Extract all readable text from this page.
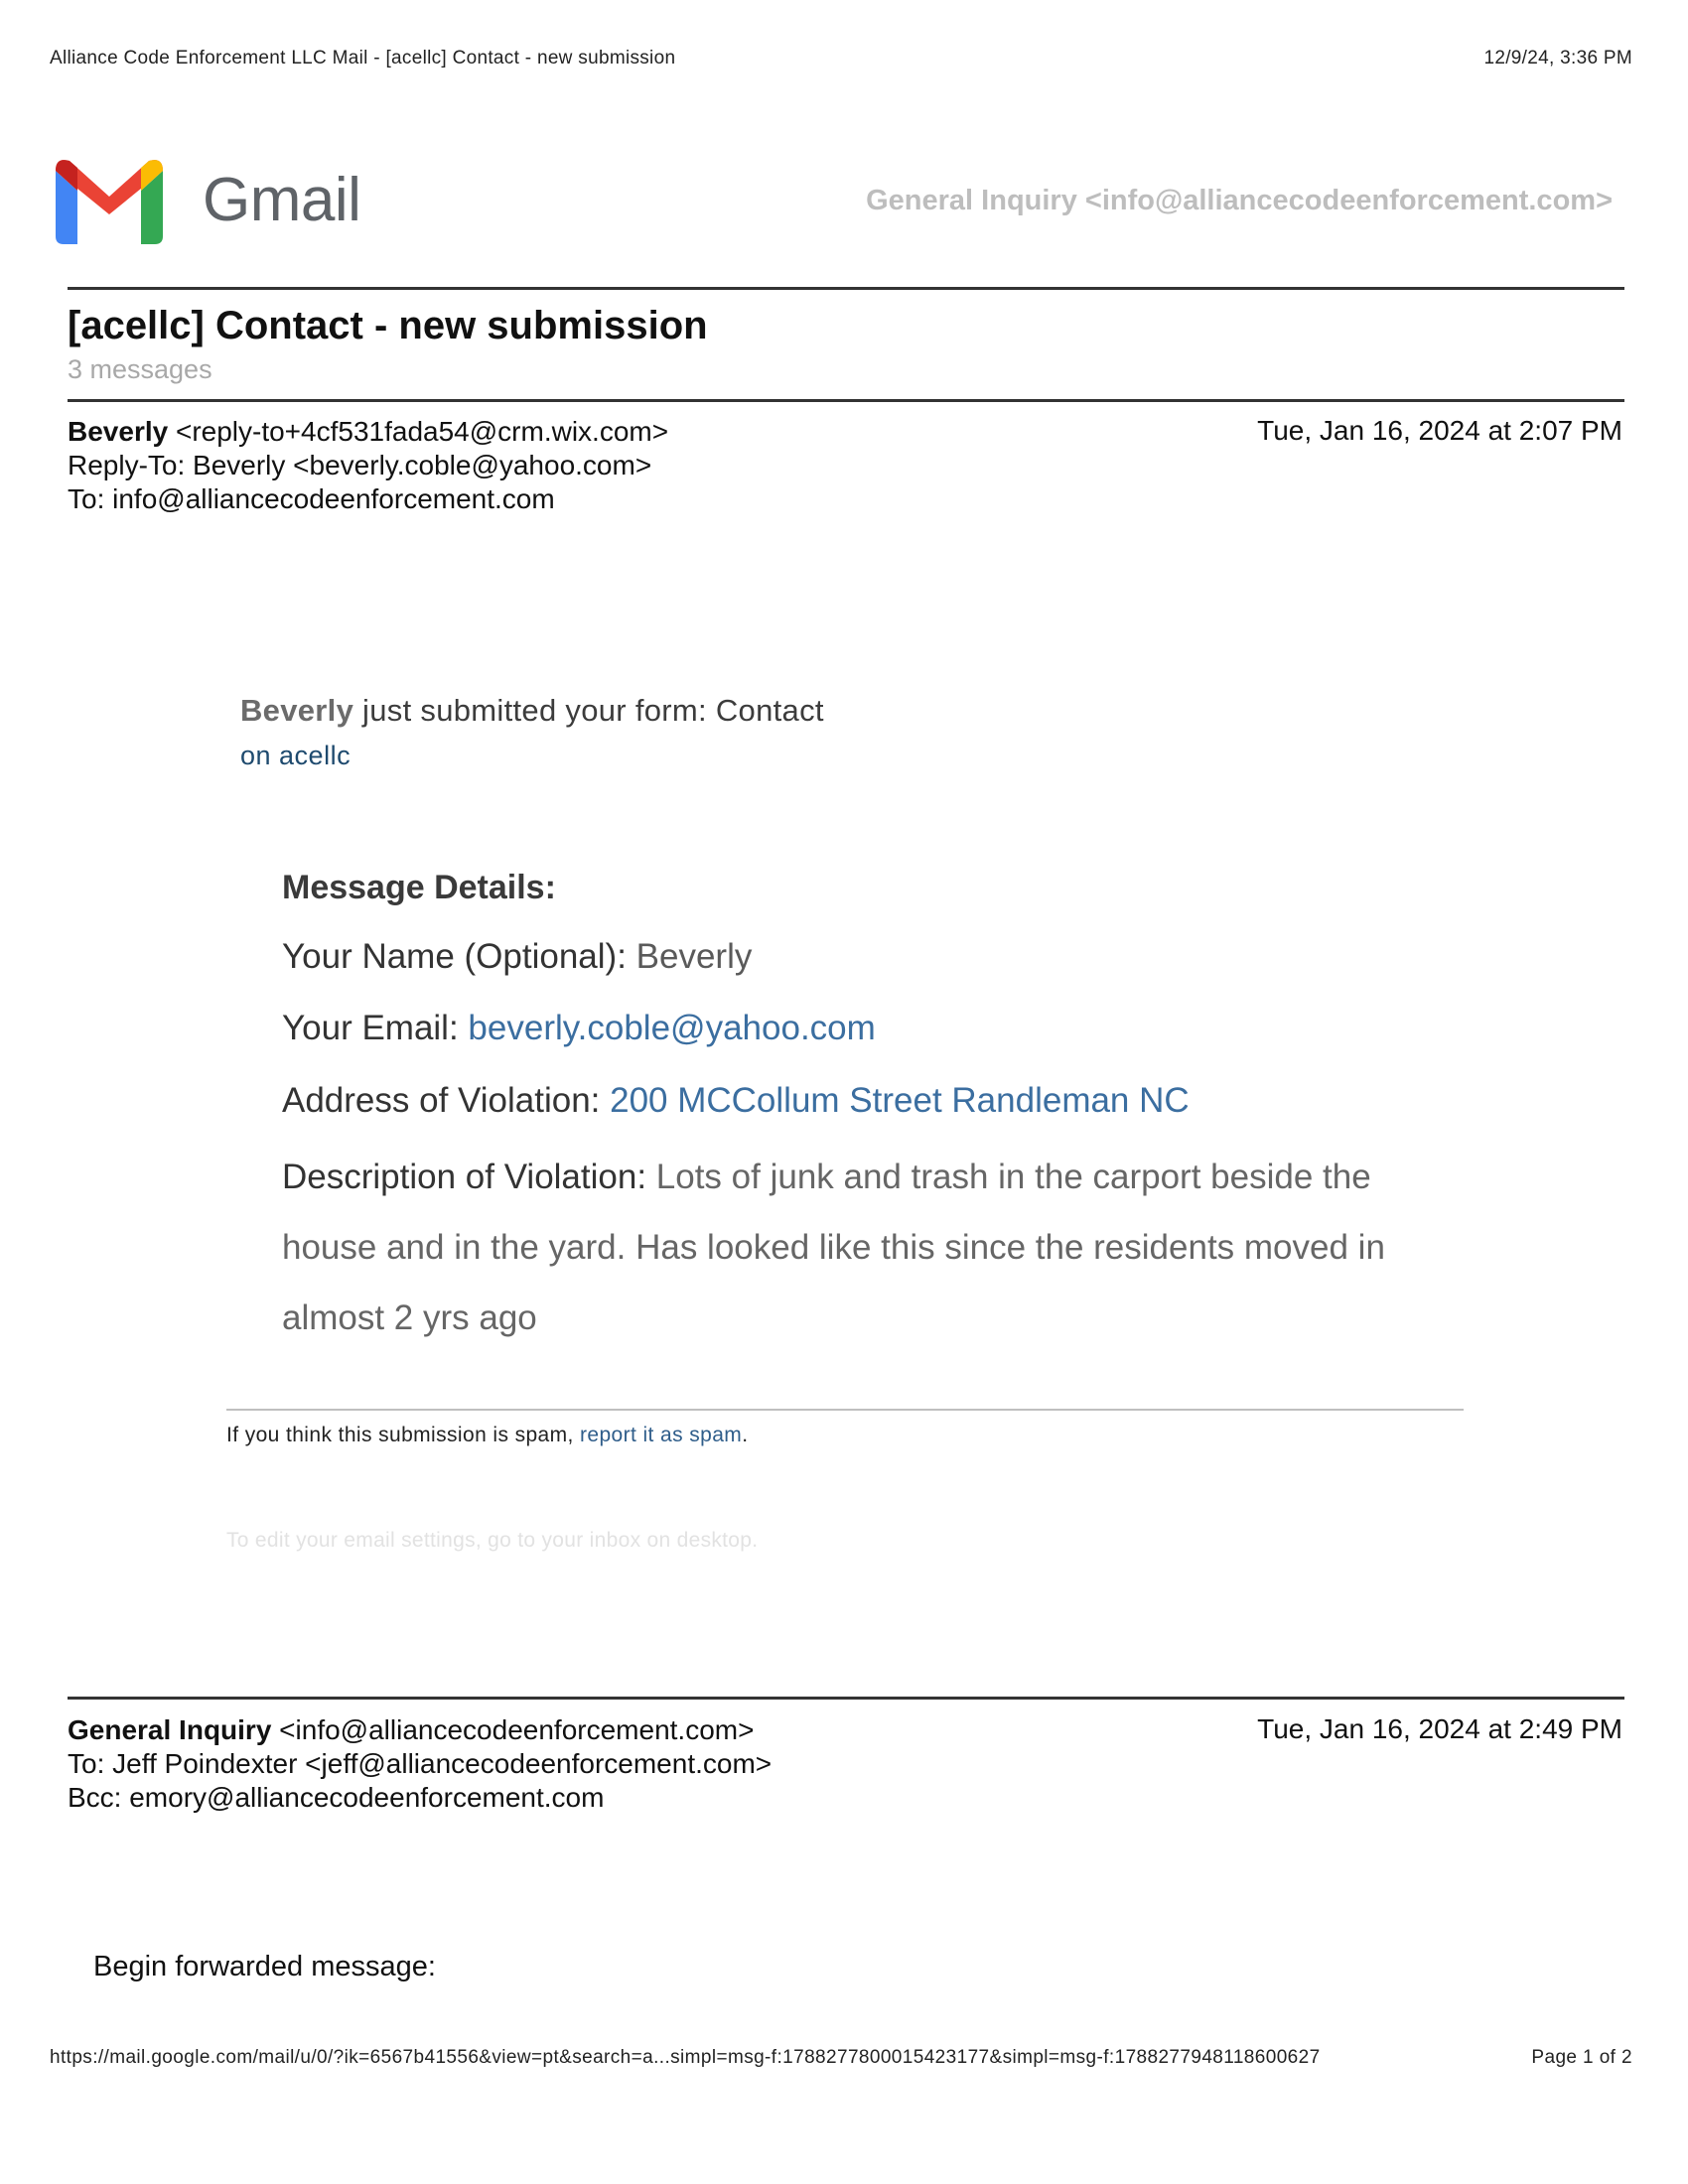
Alliance Code Enforcement LLC Mail - [acellc] Contact - new submission	12/9/24, 3:36 PM
Gmail	General Inquiry <info@alliancecodeenforcement.com>
[acellc] Contact - new submission
3 messages
Beverly <reply-to+4cf531fada54@crm.wix.com>
Reply-To: Beverly <beverly.coble@yahoo.com>
To: info@alliancecodeenforcement.com
Tue, Jan 16, 2024 at 2:07 PM
Beverly just submitted your form: Contact
on acellc
Message Details:
Your Name (Optional): Beverly
Your Email: beverly.coble@yahoo.com
Address of Violation: 200 MCCollum Street Randleman NC
Description of Violation: Lots of junk and trash in the carport beside the house and in the yard. Has looked like this since the residents moved in almost 2 yrs ago
If you think this submission is spam, report it as spam.
To edit your email settings, go to your inbox on desktop.
General Inquiry <info@alliancecodeenforcement.com>
To: Jeff Poindexter <jeff@alliancecodeenforcement.com>
Bcc: emory@alliancecodeenforcement.com
Tue, Jan 16, 2024 at 2:49 PM
Begin forwarded message:
https://mail.google.com/mail/u/0/?ik=6567b41556&view=pt&search=a...simpl=msg-f:1788277800015423177&simpl=msg-f:1788277948118600627	Page 1 of 2
